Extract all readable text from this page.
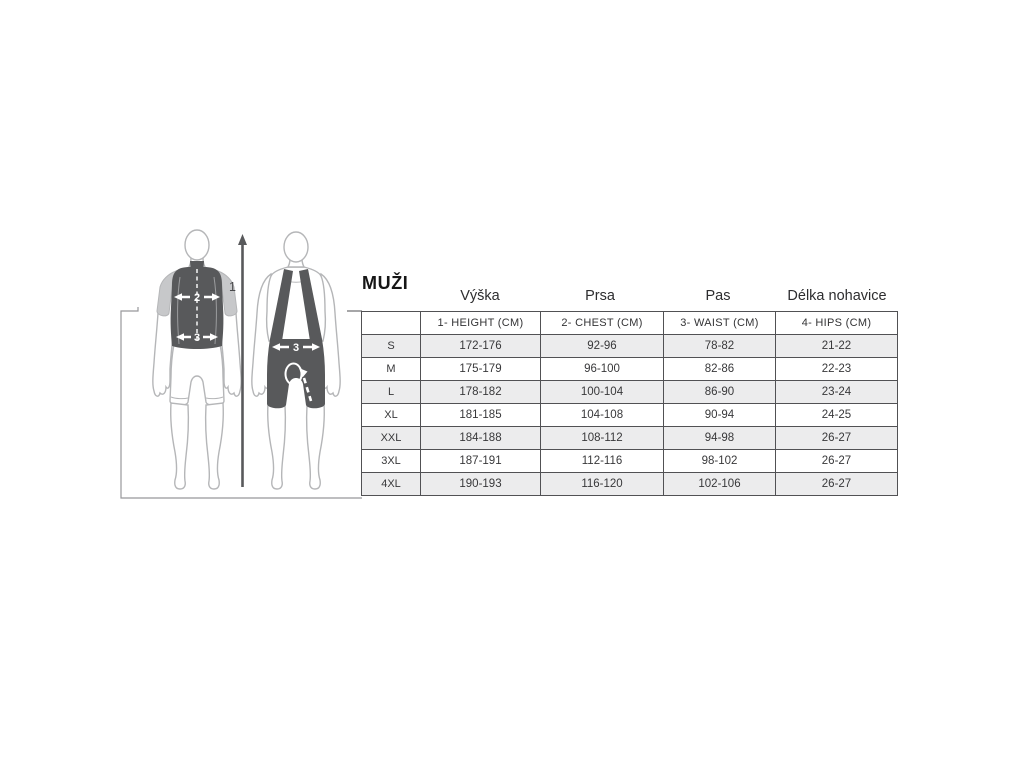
2
3
1
3
4
MUŽI
Výška	Prsa	Pas	Délka nohavice
	1- HEIGHT (CM)	2- CHEST (CM)	3- WAIST (CM)	4- HIPS (CM)
S	172-176	92-96	78-82	21-22
M	175-179	96-100	82-86	22-23
L	178-182	100-104	86-90	23-24
XL	181-185	104-108	90-94	24-25
XXL	184-188	108-112	94-98	26-27
3XL	187-191	112-116	98-102	26-27
4XL	190-193	116-120	102-106	26-27
